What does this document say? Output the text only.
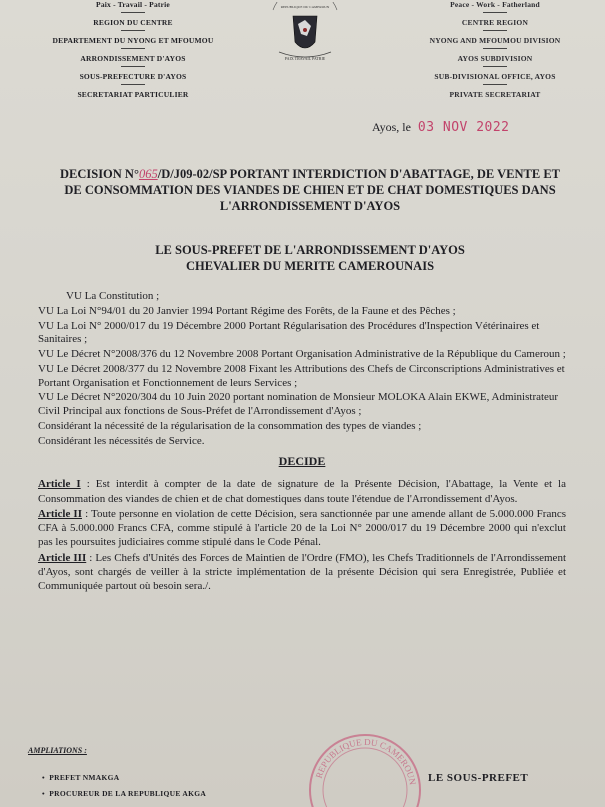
Paix - Travail - Patrie
REGION DU CENTRE
DEPARTEMENT DU NYONG ET MFOUMOU
ARRONDISSEMENT D'AYOS
SOUS-PREFECTURE D'AYOS
SECRETARIAT PARTICULIER
PAIX TRAVAIL PATRIE
REPUBLIQUE DU CAMEROUN	Peace - Work - Fatherland
CENTRE REGION
NYONG AND MFOUMOU DIVISION
AYOS SUBDIVISION
SUB-DIVISIONAL OFFICE, AYOS
PRIVATE SECRETARIAT
Ayos, le 03 NOV 2022
DECISION N°065/D/J09-02/SP PORTANT INTERDICTION D'ABATTAGE, DE VENTE ET DE CONSOMMATION DES VIANDES DE CHIEN ET DE CHAT DOMESTIQUES DANS L'ARRONDISSEMENT D'AYOS
LE SOUS-PREFET DE L'ARRONDISSEMENT D'AYOS
CHEVALIER DU MERITE CAMEROUNAIS

VU La Constitution ;

VU La Loi N°94/01 du 20 Janvier 1994 Portant Régime des Forêts, de la Faune et des Pêches ;

VU La Loi N° 2000/017 du 19 Décembre 2000 Portant Régularisation des Procédures d'Inspection Vétérinaires et Sanitaires ;

VU Le Décret N°2008/376 du 12 Novembre 2008 Portant Organisation Administrative de la République du Cameroun ;

VU Le Décret 2008/377 du 12 Novembre 2008 Fixant les Attributions des Chefs de Circonscriptions Administratives et Portant Organisation et Fonctionnement de leurs Services ;

VU Le Décret N°2020/304 du 10 Juin 2020 portant nomination de Monsieur MOLOKA Alain EKWE, Administrateur Civil Principal aux fonctions de Sous-Préfet de l'Arrondissement d'Ayos ;

Considérant la nécessité de la régularisation de la consommation des types de viandes ;

Considérant les nécessités de Service.

DECIDE

Article I : Est interdit à compter de la date de signature de la Présente Décision, l'Abattage, la Vente et la Consommation des viandes de chien et de chat domestiques dans toute l'étendue de l'Arrondissement d'Ayos.

Article II : Toute personne en violation de cette Décision, sera sanctionnée par une amende allant de 5.000.000 Francs CFA à 5.000.000 Francs CFA, comme stipulé à l'article 20 de la Loi N° 2000/017 du 19 Décembre 2000 qui n'exclut pas les poursuites judiciaires comme stipulé dans le Code Pénal.

Article III : Les Chefs d'Unités des Forces de Maintien de l'Ordre (FMO), les Chefs Traditionnels de l'Arrondissement d'Ayos, sont chargés de veiller à la stricte implémentation de la présente Décision qui sera Enregistrée, Publiée et Communiquée partout où besoin sera./.

AMPLIATIONS :
•  PREFET NMAKGA
•  PROCUREUR DE LA REPUBLIQUE AKGA
REPUBLIQUE DU CAMEROUN LE SOUS-PREFET
